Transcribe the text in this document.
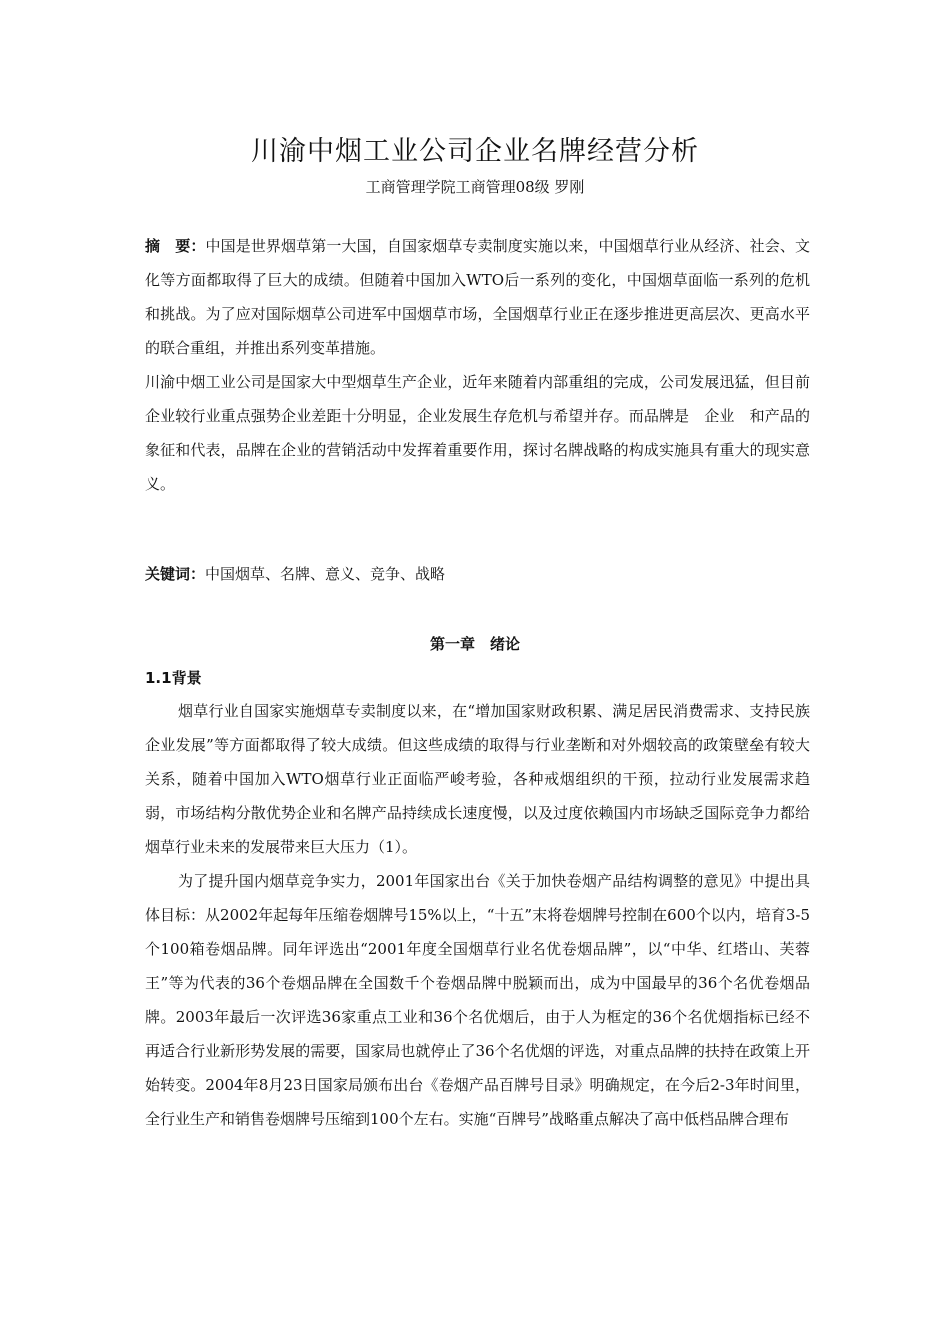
川渝中烟工业公司企业名牌经营分析
工商管理学院工商管理08级 罗刚

摘　要：中国是世界烟草第一大国，自国家烟草专卖制度实施以来，中国烟草行业从经济、社会、文化等方面都取得了巨大的成绩。但随着中国加入WTO后一系列的变化，中国烟草面临一系列的危机和挑战。为了应对国际烟草公司进军中国烟草市场，全国烟草行业正在逐步推进更高层次、更高水平的联合重组，并推出系列变革措施。

川渝中烟工业公司是国家大中型烟草生产企业，近年来随着内部重组的完成，公司发展迅猛，但目前企业较行业重点强势企业差距十分明显，企业发展生存危机与希望并存。而品牌是　企业　和产品的象征和代表，品牌在企业的营销活动中发挥着重要作用，探讨名牌战略的构成实施具有重大的现实意义。

关键词：中国烟草、名牌、意义、竞争、战略

第一章　绪论
1.1背景

烟草行业自国家实施烟草专卖制度以来，在“增加国家财政积累、满足居民消费需求、支持民族企业发展”等方面都取得了较大成绩。但这些成绩的取得与行业垄断和对外烟较高的政策壁垒有较大关系，随着中国加入WTO烟草行业正面临严峻考验，各种戒烟组织的干预，拉动行业发展需求趋弱，市场结构分散优势企业和名牌产品持续成长速度慢，以及过度依赖国内市场缺乏国际竞争力都给烟草行业未来的发展带来巨大压力（1）。

为了提升国内烟草竞争实力，2001年国家出台《关于加快卷烟产品结构调整的意见》中提出具体目标：从2002年起每年压缩卷烟牌号15%以上，“十五”末将卷烟牌号控制在600个以内，培育3-5个100箱卷烟品牌。同年评选出“2001年度全国烟草行业名优卷烟品牌”，以“中华、红塔山、芙蓉王”等为代表的36个卷烟品牌在全国数千个卷烟品牌中脱颖而出，成为中国最早的36个名优卷烟品牌。2003年最后一次评选36家重点工业和36个名优烟后，由于人为框定的36个名优烟指标已经不再适合行业新形势发展的需要，国家局也就停止了36个名优烟的评选，对重点品牌的扶持在政策上开始转变。2004年8月23日国家局颁布出台《卷烟产品百牌号目录》明确规定，在今后2-3年时间里，全行业生产和销售卷烟牌号压缩到100个左右。实施“百牌号”战略重点解决了高中低档品牌合理布
